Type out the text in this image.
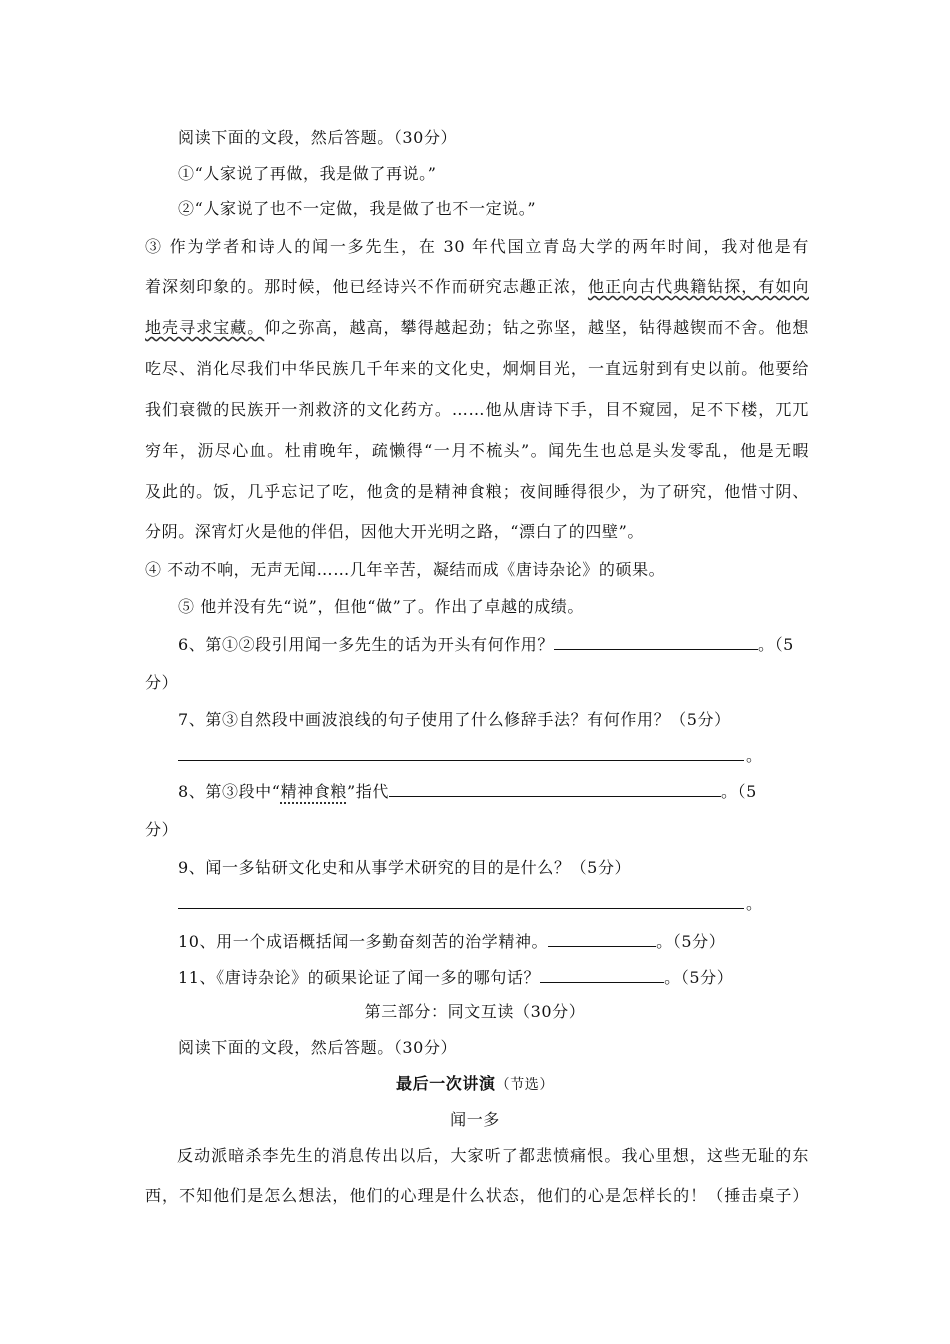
阅读下面的文段，然后答题。（30分）
①“人家说了再做，我是做了再说。”
②“人家说了也不一定做，我是做了也不一定说。”
③ 作为学者和诗人的闻一多先生，在 30 年代国立青岛大学的两年时间，我对他是有
着深刻印象的。那时候，他已经诗兴不作而研究志趣正浓，他正向古代典籍钻探，有如向
地壳寻求宝藏。仰之弥高，越高，攀得越起劲；钻之弥坚，越坚，钻得越锲而不舍。他想
吃尽、消化尽我们中华民族几千年来的文化史，炯炯目光，一直远射到有史以前。他要给
我们衰微的民族开一剂救济的文化药方。……他从唐诗下手，目不窥园，足不下楼，兀兀
穷年，沥尽心血。杜甫晚年，疏懒得“一月不梳头”。闻先生也总是头发零乱，他是无暇
及此的。饭，几乎忘记了吃，他贪的是精神食粮；夜间睡得很少，为了研究，他惜寸阴、
分阴。深宵灯火是他的伴侣，因他大开光明之路，“漂白了的四壁”。
④ 不动不响，无声无闻……几年辛苦，凝结而成《唐诗杂论》的硕果。
⑤ 他并没有先“说”，但他“做”了。作出了卓越的成绩。
6、第①②段引用闻一多先生的话为开头有何作用？	。（5
分）
7、第③自然段中画波浪线的句子使用了什么修辞手法？有何作用？（5分）
。
8、第③段中“精神食粮”指代	。（5
分）
9、闻一多钻研文化史和从事学术研究的目的是什么？（5分）
。
10、用一个成语概括闻一多勤奋刻苦的治学精神。	。（5分）
11、《唐诗杂论》的硕果论证了闻一多的哪句话？	。（5分）
第三部分：同文互读（30分）
阅读下面的文段，然后答题。（30分）
最后一次讲演（节选）
闻一多
反动派暗杀李先生的消息传出以后，大家听了都悲愤痛恨。我心里想，这些无耻的东
西，不知他们是怎么想法，他们的心理是什么状态，他们的心是怎样长的！（捶击桌子）
